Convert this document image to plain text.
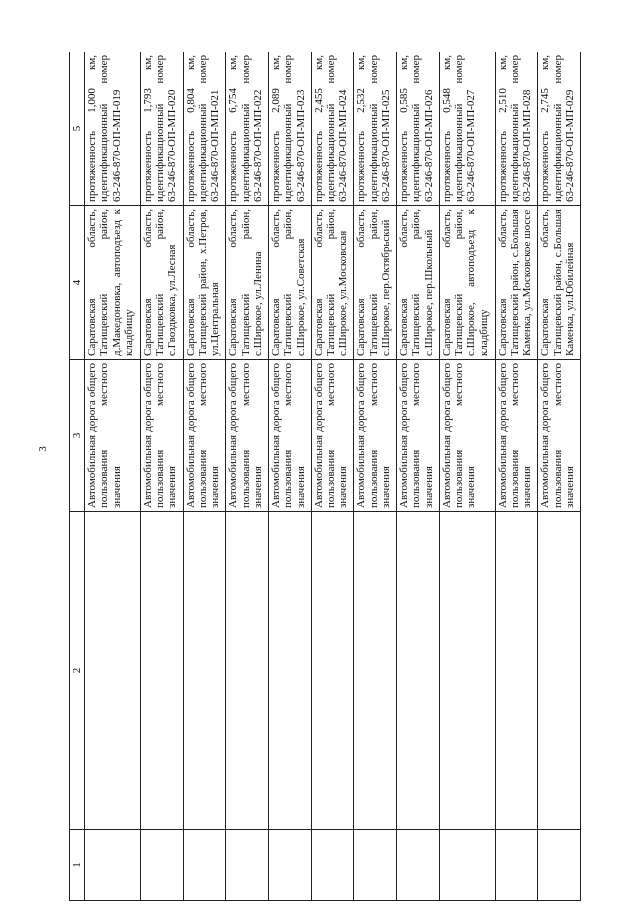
3
1	2	3	4	5
		Автомобильная дорога общего пользования местного значения	Саратовская область, Татищевский район, д.Македоновка, автоподъезд к кладбищу	протяженность 1,000 км, идентификационный номер 63-246-870-ОП-МП-019
		Автомобильная дорога общего пользования местного значения	Саратовская область, Татищевский район, с.Гвоздковка, ул.Лесная	протяженность 1,793 км, идентификационный номер 63-246-870-ОП-МП-020
		Автомобильная дорога общего пользования местного значения	Саратовская область, Татищевский район, х.Петров, ул.Центральная	протяженность 0,804 км, идентификационный номер 63-246-870-ОП-МП-021
		Автомобильная дорога общего пользования местного значения	Саратовская область, Татищевский район, с.Широкое, ул.Ленина	протяженность 6,754 км, идентификационный номер 63-246-870-ОП-МП-022
		Автомобильная дорога общего пользования местного значения	Саратовская область, Татищевский район, с.Широкое, ул.Советская	протяженность 2,089 км, идентификационный номер 63-246-870-ОП-МП-023
		Автомобильная дорога общего пользования местного значения	Саратовская область, Татищевский район, с.Широкое, ул.Московская	протяженность 2,455 км, идентификационный номер 63-246-870-ОП-МП-024
		Автомобильная дорога общего пользования местного значения	Саратовская область, Татищевский район, с.Широкое, пер.Октябрьский	протяженность 2,532 км, идентификационный номер 63-246-870-ОП-МП-025
		Автомобильная дорога общего пользования местного значения	Саратовская область, Татищевский район, с.Широкое, пер.Школьный	протяженность 0,585 км, идентификационный номер 63-246-870-ОП-МП-026
		Автомобильная дорога общего пользования местного значения	Саратовская область, Татищевский район, с.Широкое, автоподъезд к кладбищу	протяженность 0,548 км, идентификационный номер 63-246-870-ОП-МП-027
		Автомобильная дорога общего пользования местного значения	Саратовская область, Татищевский район, с.Большая Каменка, ул.Московское шоссе	протяженность 2,510 км, идентификационный номер 63-246-870-ОП-МП-028
		Автомобильная дорога общего пользования местного значения	Саратовская область, Татищевский район, с.Большая Каменка, ул.Юбилейная	протяженность 2,745 км, идентификационный номер 63-246-870-ОП-МП-029
